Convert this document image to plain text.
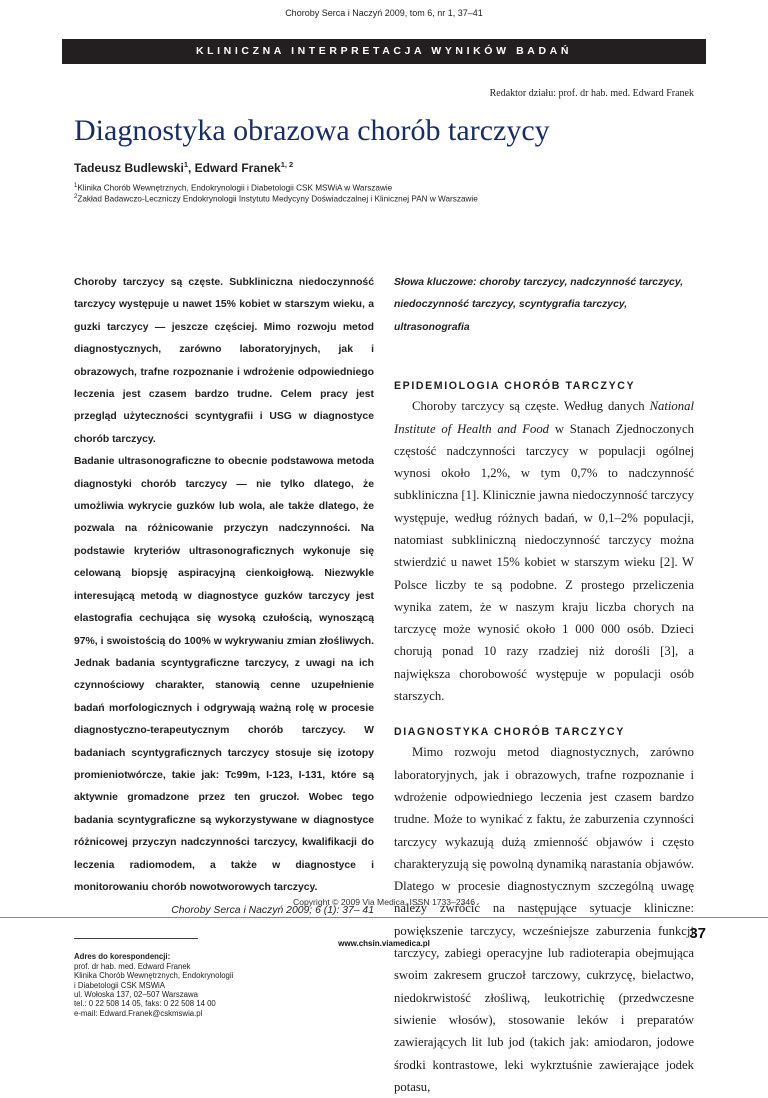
Choroby Serca i Naczyń 2009, tom 6, nr 1, 37–41
KLINICZNA INTERPRETACJA WYNIKÓW BADAŃ
Redaktor działu: prof. dr hab. med. Edward Franek
Diagnostyka obrazowa chorób tarczycy
Tadeusz Budlewski$^1$, Edward Franek$^{1, 2}$
$^1$Klinika Chorób Wewnętrznych, Endokrynologii i Diabetologii CSK MSWiA w Warszawie
$^2$Zakład Badawczo-Leczniczy Endokrynologii Instytutu Medycyny Doświadczalnej i Klinicznej PAN w Warszawie

Choroby tarczycy są częste. Subkliniczna niedoczynność tarczycy występuje u nawet 15% kobiet w starszym wieku, a guzki tarczycy — jeszcze częściej. Mimo rozwoju metod diagnostycznych, zarówno laboratoryjnych, jak i obrazowych, trafne rozpoznanie i wdrożenie odpowiedniego leczenia jest czasem bardzo trudne. Celem pracy jest przegląd użyteczności scyntygrafii i USG w diagnostyce chorób tarczycy.

Badanie ultrasonograficzne to obecnie podstawowa metoda diagnostyki chorób tarczycy — nie tylko dlatego, że umożliwia wykrycie guzków lub wola, ale także dlatego, że pozwala na różnicowanie przyczyn nadczynności. Na podstawie kryteriów ultrasonograficznych wykonuje się celowaną biopsję aspiracyjną cienkoigłową. Niezwykle interesującą metodą w diagnostyce guzków tarczycy jest elastografia cechująca się wysoką czułością, wynoszącą 97%, i swoistością do 100% w wykrywaniu zmian złośliwych. Jednak badania scyntygraficzne tarczycy, z uwagi na ich czynnościowy charakter, stanowią cenne uzupełnienie badań morfologicznych i odgrywają ważną rolę w procesie diagnostyczno-terapeutycznym chorób tarczycy. W badaniach scyntygraficznych tarczycy stosuje się izotopy promieniotwórcze, takie jak: Tc99m, I-123, I-131, które są aktywnie gromadzone przez ten gruczoł. Wobec tego badania scyntygraficzne są wykorzystywane w diagnostyce różnicowej przyczyn nadczynności tarczycy, kwalifikacji do leczenia radiomodem, a także w diagnostyce i monitorowaniu chorób nowotworowych tarczycy.

Choroby Serca i Naczyń 2009; 6 (1): 37– 41
Adres do korespondencji:
prof. dr hab. med. Edward Franek
Klinika Chorób Wewnętrznych, Endokrynologii
i Diabetologii CSK MSWiA
ul. Wołoska 137, 02–507 Warszawa
tel.: 0 22 508 14 05, faks: 0 22 508 14 00
e-mail: Edward.Franek@cskmswia.pl

Słowa kluczowe: choroby tarczycy, nadczynność tarczycy, niedoczynność tarczycy, scyntygrafia tarczycy, ultrasonografia

EPIDEMIOLOGIA CHORÓB TARCZYCY

Choroby tarczycy są częste. Według danych National Institute of Health and Food w Stanach Zjednoczonych częstość nadczynności tarczycy w populacji ogólnej wynosi około 1,2%, w tym 0,7% to nadczynność subkliniczna [1]. Klinicznie jawna niedoczynność tarczycy występuje, według różnych badań, w 0,1–2% populacji, natomiast subkliniczną niedoczynność tarczycy można stwierdzić u nawet 15% kobiet w starszym wieku [2]. W Polsce liczby te są podobne. Z prostego przeliczenia wynika zatem, że w naszym kraju liczba chorych na tarczycę może wynosić około 1 000 000 osób. Dzieci chorują ponad 10 razy rzadziej niż dorośli [3], a największa chorobowość występuje w populacji osób starszych.

DIAGNOSTYKA CHORÓB TARCZYCY

Mimo rozwoju metod diagnostycznych, zarówno laboratoryjnych, jak i obrazowych, trafne rozpoznanie i wdrożenie odpowiedniego leczenia jest czasem bardzo trudne. Może to wynikać z faktu, że zaburzenia czynności tarczycy wykazują dużą zmienność objawów i często charakteryzują się powolną dynamiką narastania objawów. Dlatego w procesie diagnostycznym szczególną uwagę należy zwrócić na następujące sytuacje kliniczne: powiększenie tarczycy, wcześniejsze zaburzenia funkcji tarczycy, zabiegi operacyjne lub radioterapia obejmująca swoim zakresem gruczoł tarczowy, cukrzycę, bielactwo, niedokrwistość złośliwą, leukotrichię (przedwczesne siwienie włosów), stosowanie leków i preparatów zawierających lit lub jod (takich jak: amiodaron, jodowe środki kontrastowe, leki wykrztuśnie zawierające jodek potasu,

Copyright © 2009 Via Medica, ISSN 1733–2346
37
www.chsin.viamedica.pl
